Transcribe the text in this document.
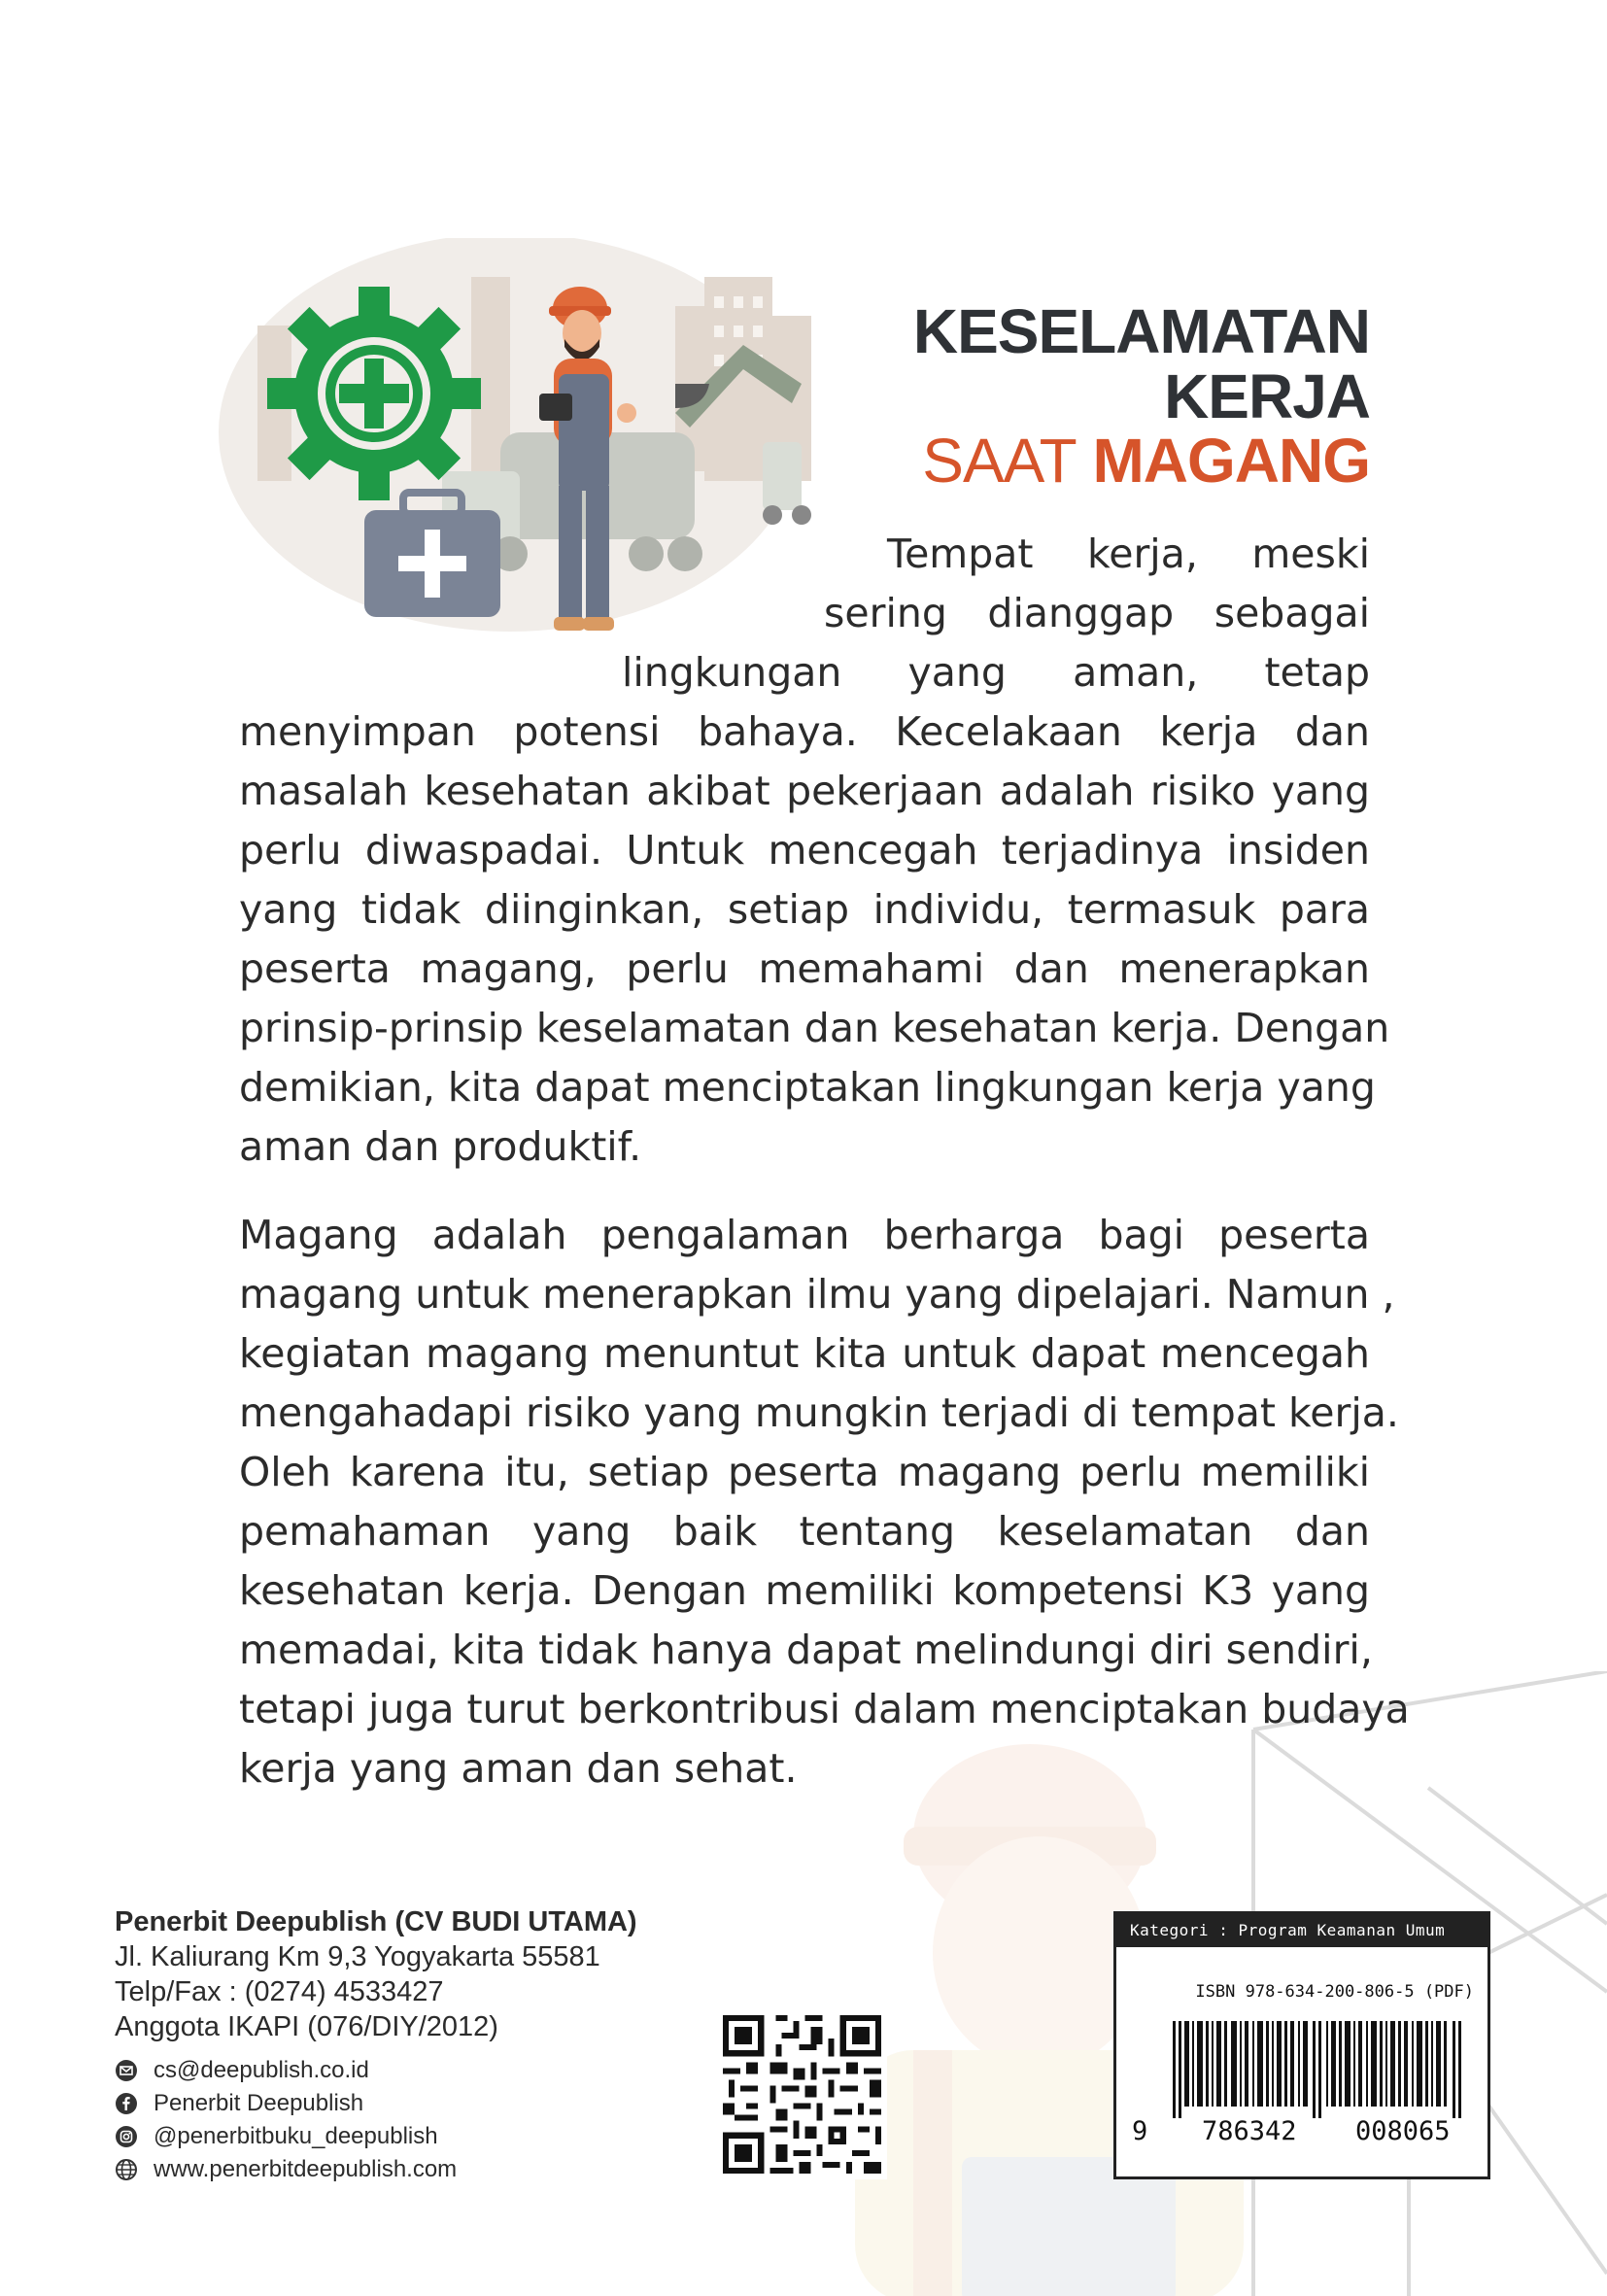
KESELAMATAN
KERJA
SAAT MAGANG
Tempat kerja, meski
sering dianggap sebagai
lingkungan yang aman, tetap
menyimpan potensi bahaya. Kecelakaan kerja dan
masalah kesehatan akibat pekerjaan adalah risiko yang
perlu diwaspadai. Untuk mencegah terjadinya insiden
yang tidak diinginkan, setiap individu, termasuk para
peserta magang, perlu memahami dan menerapkan
prinsip-prinsip keselamatan dan kesehatan kerja. Dengan
demikian, kita dapat menciptakan lingkungan kerja yang
aman dan produktif.
Magang adalah pengalaman berharga bagi peserta
magang untuk menerapkan ilmu yang dipelajari. Namun ,
kegiatan magang menuntut kita untuk dapat mencegah
mengahadapi risiko yang mungkin terjadi di tempat kerja.
Oleh karena itu, setiap peserta magang perlu memiliki
pemahaman yang baik tentang keselamatan dan
kesehatan kerja. Dengan memiliki kompetensi K3 yang
memadai, kita tidak hanya dapat melindungi diri sendiri,
tetapi juga turut berkontribusi dalam menciptakan budaya
kerja yang aman dan sehat.
Penerbit Deepublish (CV BUDI UTAMA)
Jl. Kaliurang Km 9,3 Yogyakarta 55581
Telp/Fax : (0274) 4533427
Anggota IKAPI (076/DIY/2012)
cs@deepublish.co.id
Penerbit Deepublish
@penerbitbuku_deepublish
www.penerbitdeepublish.com
Kategori : Program Keamanan Umum
ISBN 978-634-200-806-5 (PDF)
9 786342 008065
